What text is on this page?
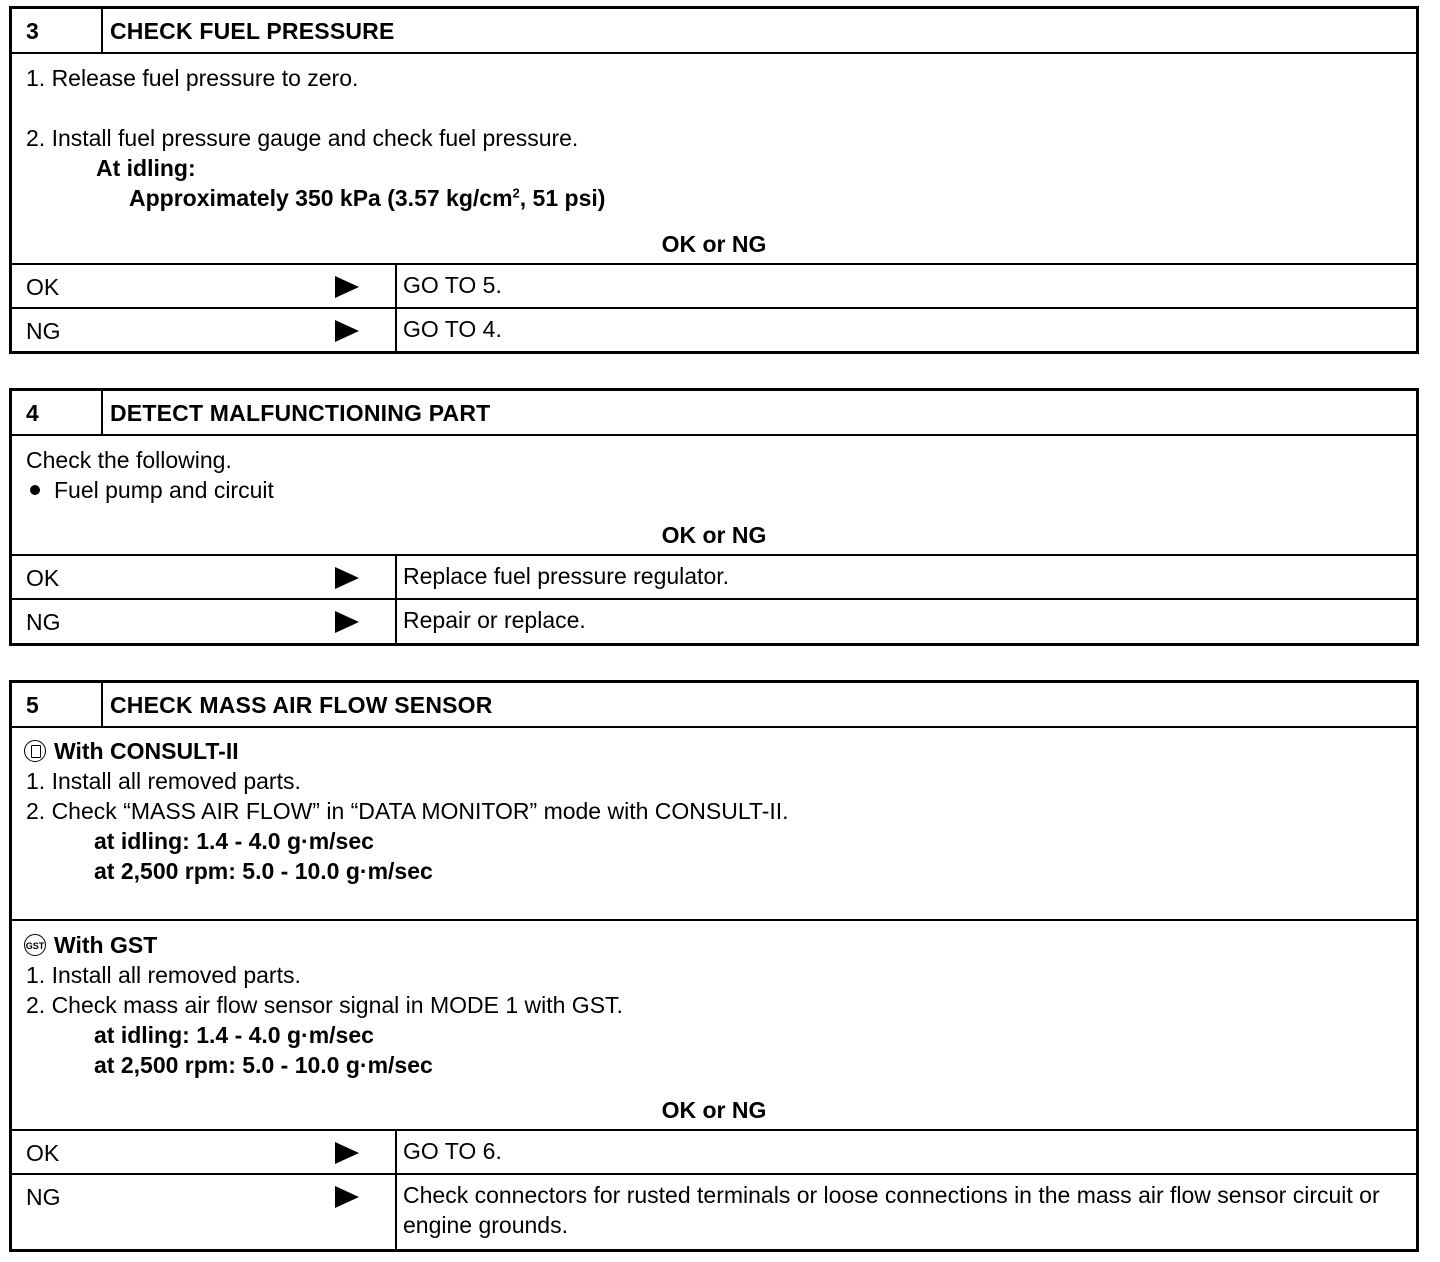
3	CHECK FUEL PRESSURE
1. Release fuel pressure to zero.
2. Install fuel pressure gauge and check fuel pressure.
At idling:
Approximately 350 kPa (3.57 $kg/cm^2$, 51 psi)
OK or NG
OK	GO TO 5.
NG	GO TO 4.
4	DETECT MALFUNCTIONING PART
Check the following.
Fuel pump and circuit
OK or NG
OK	Replace fuel pressure regulator.
NG	Repair or replace.
5	CHECK MASS AIR FLOW SENSOR
With CONSULT-II
1. Install all removed parts.
2. Check “MASS AIR FLOW” in “DATA MONITOR” mode with CONSULT-II.
at idling: 1.4 - 4.0 g·m/sec
at 2,500 rpm: 5.0 - 10.0 g·m/sec
GST With GST
1. Install all removed parts.
2. Check mass air flow sensor signal in MODE 1 with GST.
at idling: 1.4 - 4.0 g·m/sec
at 2,500 rpm: 5.0 - 10.0 g·m/sec
OK or NG
OK	GO TO 6.
NG	Check connectors for rusted terminals or loose connections in the mass air flow sensor circuit or engine grounds.
